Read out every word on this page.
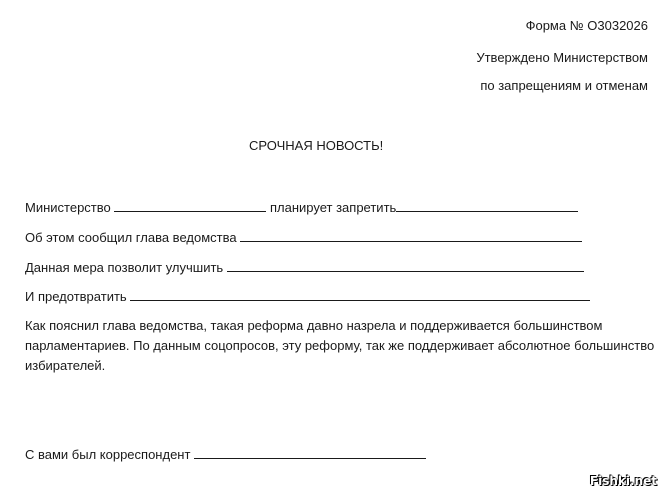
Форма № О3032026
Утверждено Министерством
по запрещениям и отменам
СРОЧНАЯ НОВОСТЬ!
Министерство	планирует запретить
Об этом сообщил глава ведомства
Данная мера позволит улучшить
И предотвратить
Как пояснил глава ведомства, такая реформа давно назрела и поддерживается большинством парламентариев. По данным соцопросов, эту реформу, так же поддерживает абсолютное большинство избирателей.
С вами был корреспондент
Fishki.net
